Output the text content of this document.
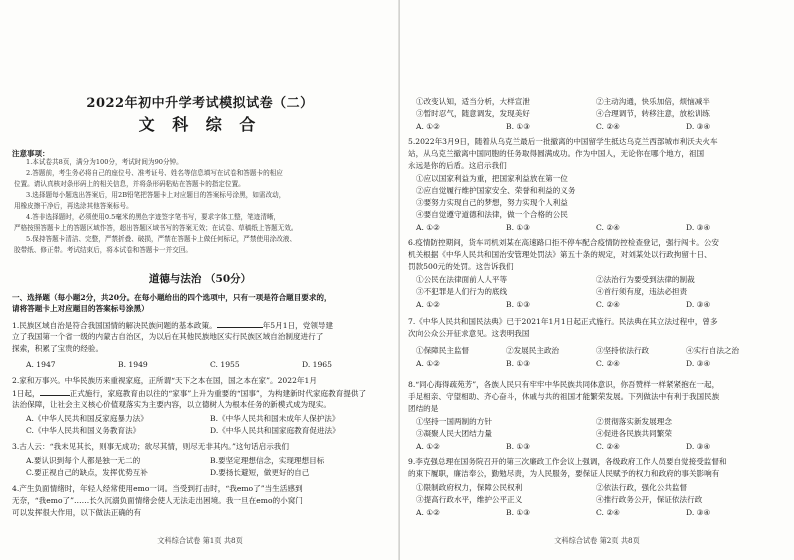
2022年初中升学考试模拟试卷（二）
文 科 综 合
注意事项：
1.本试卷共8页，满分为100分，考试时间为90分钟。
2.答题前，考生务必将自己的座位号、准考证号、姓名等信息填写在试卷和答题卡的相应
位置。请认真核对条形码上的相关信息，并将条形码粘贴在答题卡的指定位置。
3.选择题每小题选出答案后，用2B铅笔把答题卡上对应题目的答案标号涂黑，如需改动，
用橡皮擦干净后，再选涂其他答案标号。
4.答非选择题时，必须使用0.5毫米的黑色字迹签字笔书写，要求字体工整，笔迹清晰，
严格按照答题卡上的答题区域作答，超出答题区域书写的答案无效；在试卷、草稿纸上答题无效。
5.保持答题卡清洁、完整，严禁折叠、破损，严禁在答题卡上做任何标记，严禁使用涂改液、
胶带纸、修正带。考试结束后，将本试卷和答题卡一并交回。
道德与法治 （50分）
一、选择题（每小题2分，共20分。在每小题给出的四个选项中，只有一项是符合题目要求的，
请将答题卡上对应题目的答案标号涂黑）
1.民族区域自治是符合我国国情的解决民族问题的基本政策。	年5月1日，党领导建
立了我国第一个省一级的内蒙古自治区，为以后在其他民族地区实行民族区域自治制度进行了
探索，积累了宝贵的经验。
A. 1947	B. 1949	C. 1955	D. 1965
2.家和万事兴。中华民族历来重视家庭，正所谓“天下之本在国，国之本在家”。2022年1月
1日起，	正式施行，家庭教育由以往的“家事”上升为重要的“国事”，为构建新时代家庭教育提供了
法治保障，让社会主义核心价值观落实为主要内容，以立德树人为根本任务的新模式成为现实。
A.《中华人民共和国反家庭暴力法》	B.《中华人民共和国未成年人保护法》
C.《中华人民共和国义务教育法》	D.《中华人民共和国家庭教育促进法》
3.古人云：“我未见其长，则事无成功；欲尽其情，则尽无非其内。”这句话启示我们
A.要认识到每个人都是独一无二的	B.要坚定理想信念，实现理想目标
C.要正视自己的缺点，发挥优势互补	D.要扬长避短，做更好的自己
4.产生负面情绪时，年轻人经常使用emo一词。当受到打击时，“我emo了”当生活感到
无奈，“我emo了”……长久沉溺负面情绪会使人无法走出困境。我一旦在emo的小窝门
可以发挥很大作用，以下做法正确的有
文科综合试卷 第1页 共8页
①改变认知，适当分析，大样宣泄	②主动沟通，快乐加倍，烦恼减半
③暂时忍气，随意调发，发现美好	④合理调节，转移注意，放松训练
A. ①②	B. ①③	C. ②④	D. ③④
5.2022年3月9日，随着从乌克兰最后一批撤离的中国留学生抵达乌克兰西部城市利沃夫火车
站，从乌克兰撤离中国同胞的任务取得圆满成功。作为中国人，无论你在哪个地方，祖国
永远是你的后盾。这启示我们
①应以国家利益为重，把国家利益放在第一位
②应自觉履行维护国家安全、荣誉和利益的义务
③要努力实现自己的梦想，努力实现个人利益
④要自觉遵守道德和法律，做一个合格的公民
A. ①②	B. ①③	C. ②④	D. ③④
6.疫情防控期间，货车司机刘某在高速路口拒不停车配合疫情防控检查登记，强行闯卡。公安
机关根据《中华人民共和国治安管理处罚法》第五十条的规定，对刘某处以行政拘留十日、
罚款500元的处罚。这告诉我们
①公民在法律面前人人平等	②法治行为要受到法律的制裁
③不犯罪是人们行为的底线	④首行须有度，违法必担责
A. ①②	B. ①③	C. ②④	D. ③④
7.《中华人民共和国民法典》已于2021年1月1日起正式施行。民法典在其立法过程中，曾多
次向公众公开征求意见。这表明我国
①保障民主监督	②发展民主政治	③坚持依法行政	④实行自法之治
A. ①②	B. ①③	C. ②④	D. ③④
8.“同心海得疏苑芳”，各族人民只有牢牢中华民族共同体意识，你吾赞样一样紧紧抱在一起，
手足相亲、守望相助、齐心奋斗，休戚与共的祖国才能繁荣发展。下列做法中有利于我国民族
团结的是
①坚持一国两制的方针	②贯彻落实新发展理念
③凝聚人民大团结力量	④促进各民族共同繁荣
A. ①②	B. ①③	C. ②④	D. ③④
9.李克强总理在国务院召开的第三次廉政工作会议上强调，各级政府工作人员要自觉接受监督和
的束下履职，廉洁奉公，勤勉尽责，为人民服务，要保证人民赋予的权力和政府的事关影响有
①限制政府权力，保障公民权利	②依法行政，强化公共监督
③提高行政水平，维护公平正义	④推行政务公开，保证依法行政
A. ①②	B. ①③	C. ②④	D. ③④
文科综合试卷 第2页 共8页
